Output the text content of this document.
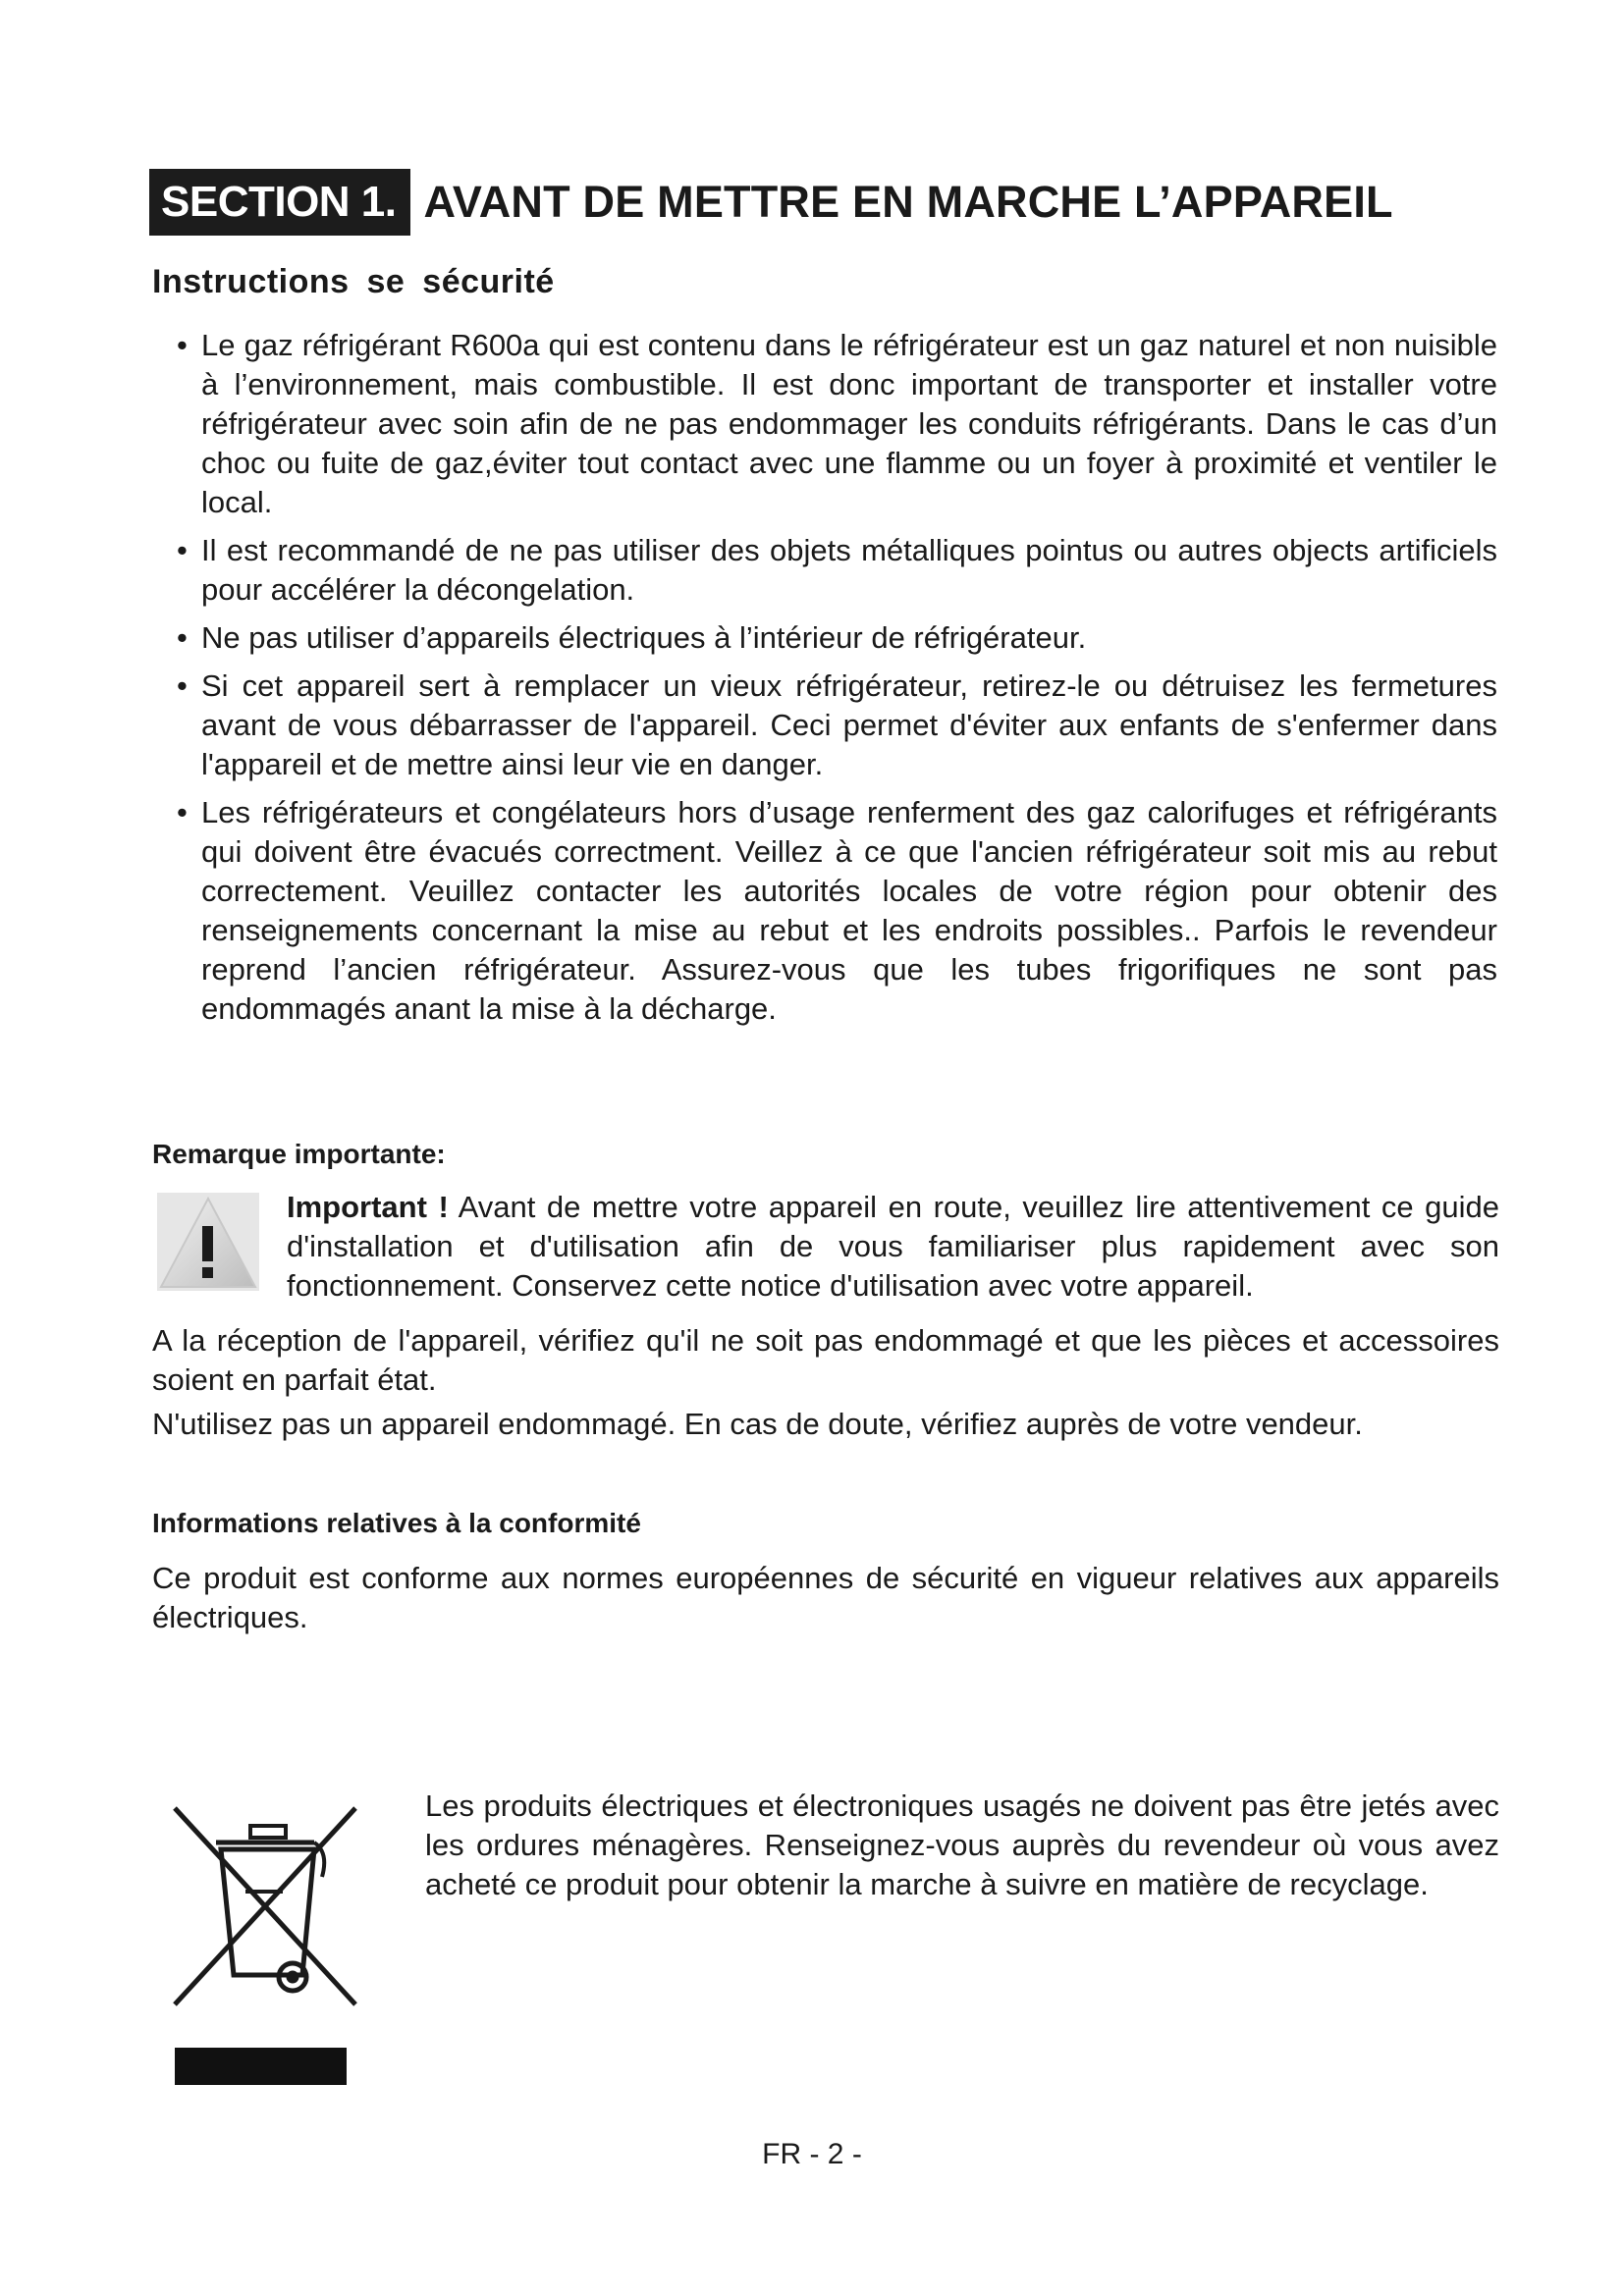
SECTION 1. AVANT DE METTRE EN MARCHE L’APPAREIL
Instructions se sécurité
• Le gaz réfrigérant R600a qui est contenu dans le réfrigérateur est un gaz naturel et non nuisible à l’environnement, mais combustible. Il est donc important de transporter et installer votre réfrigérateur avec soin afin de ne pas endommager les conduits réfrigérants. Dans le cas d’un choc ou fuite de gaz,éviter tout contact avec une flamme ou un foyer à proximité et ventiler le local.
• Il est recommandé de ne pas utiliser des objets métalliques pointus ou autres objects artificiels pour accélérer la décongelation.
• Ne pas utiliser d’appareils électriques à l’intérieur de réfrigérateur.
• Si cet appareil sert à remplacer un vieux réfrigérateur, retirez-le ou détruisez les fermetures avant de vous débarrasser de l'appareil. Ceci permet d'éviter aux enfants de s'enfermer dans l'appareil et de mettre ainsi leur vie en danger.
• Les réfrigérateurs et congélateurs hors d’usage renferment des gaz calorifuges et réfrigérants qui doivent être évacués correctment. Veillez à ce que l'ancien réfrigérateur soit mis au rebut correctement. Veuillez contacter les autorités locales de votre région pour obtenir des renseignements concernant la mise au rebut et les endroits possibles.. Parfois le revendeur reprend l’ancien réfrigérateur. Assurez-vous que les tubes frigorifiques ne sont pas endommagés anant la mise à la décharge.
Remarque importante:
Important ! Avant de mettre votre appareil en route, veuillez lire attentivement ce guide d'installation et d'utilisation afin de vous familiariser plus rapidement avec son fonctionnement. Conservez cette notice d'utilisation avec votre appareil.
A la réception de l'appareil, vérifiez qu'il ne soit pas endommagé et que les pièces et accessoires soient en parfait état.
N'utilisez pas un appareil endommagé. En cas de doute, vérifiez auprès de votre vendeur.
Informations relatives à la conformité
Ce produit est conforme aux normes européennes de sécurité en vigueur relatives aux appareils électriques.
Les produits électriques et électroniques usagés ne doivent pas être jetés avec les ordures ménagères. Renseignez-vous auprès du revendeur où vous avez acheté ce produit pour obtenir la marche à suivre en matière de recyclage.
FR - 2 -
